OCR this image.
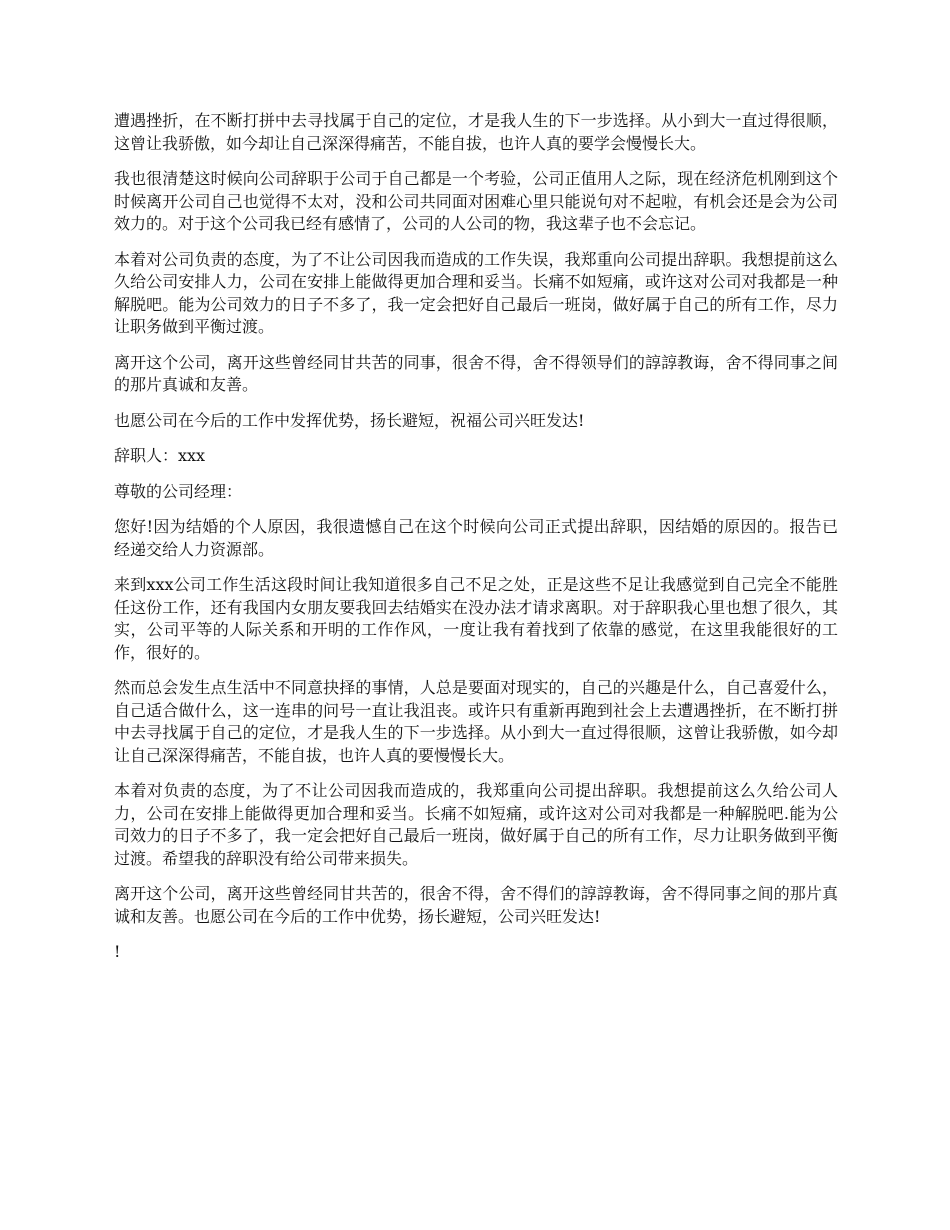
遭遇挫折，在不断打拼中去寻找属于自己的定位，才是我人生的下一步选择。从小到大一直过得很顺，这曾让我骄傲，如今却让自己深深得痛苦，不能自拔，也许人真的要学会慢慢长大。

我也很清楚这时候向公司辞职于公司于自己都是一个考验，公司正值用人之际，现在经济危机刚到这个时候离开公司自己也觉得不太对，没和公司共同面对困难心里只能说句对不起啦，有机会还是会为公司效力的。对于这个公司我已经有感情了，公司的人公司的物，我这辈子也不会忘记。

本着对公司负责的态度，为了不让公司因我而造成的工作失误，我郑重向公司提出辞职。我想提前这么久给公司安排人力，公司在安排上能做得更加合理和妥当。长痛不如短痛，或许这对公司对我都是一种解脱吧。能为公司效力的日子不多了，我一定会把好自己最后一班岗，做好属于自己的所有工作，尽力让职务做到平衡过渡。

离开这个公司，离开这些曾经同甘共苦的同事，很舍不得，舍不得领导们的諄諄教诲，舍不得同事之间的那片真诚和友善。

也愿公司在今后的工作中发挥优势，扬长避短，祝福公司兴旺发达!

辞职人：xxx

尊敬的公司经理：

您好!因为结婚的个人原因，我很遗憾自己在这个时候向公司正式提出辞职，因结婚的原因的。报告已经递交给人力资源部。

来到xxx公司工作生活这段时间让我知道很多自己不足之处，正是这些不足让我感觉到自己完全不能胜任这份工作，还有我国内女朋友要我回去结婚实在没办法才请求离职。对于辞职我心里也想了很久，其实，公司平等的人际关系和开明的工作作风，一度让我有着找到了依靠的感觉，在这里我能很好的工作，很好的。

然而总会发生点生活中不同意抉择的事情，人总是要面对现实的，自己的兴趣是什么，自己喜爱什么，自己适合做什么，这一连串的问号一直让我沮丧。或许只有重新再跑到社会上去遭遇挫折，在不断打拼中去寻找属于自己的定位，才是我人生的下一步选择。从小到大一直过得很顺，这曾让我骄傲，如今却让自己深深得痛苦，不能自拔，也许人真的要慢慢长大。

本着对负责的态度，为了不让公司因我而造成的，我郑重向公司提出辞职。我想提前这么久给公司人力，公司在安排上能做得更加合理和妥当。长痛不如短痛，或许这对公司对我都是一种解脱吧.能为公司效力的日子不多了，我一定会把好自己最后一班岗，做好属于自己的所有工作，尽力让职务做到平衡过渡。希望我的辞职没有给公司带来损失。

离开这个公司，离开这些曾经同甘共苦的，很舍不得，舍不得们的諄諄教诲，舍不得同事之间的那片真诚和友善。也愿公司在今后的工作中优势，扬长避短，公司兴旺发达!

!
